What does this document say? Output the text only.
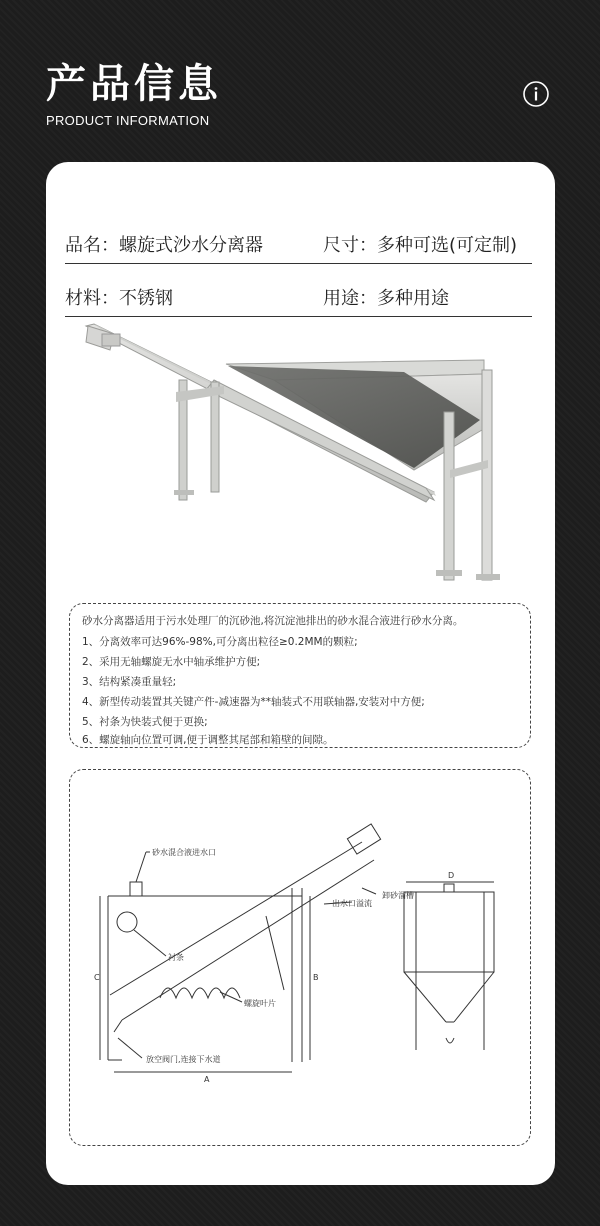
产品信息
PRODUCT INFORMATION
品名：螺旋式沙水分离器	尺寸：多种可选(可定制)
材料：不锈钢	用途：多种用途
砂水分离器适用于污水处理厂的沉砂池,将沉淀池排出的砂水混合液进行砂水分离。
1、分离效率可达96%-98%,可分离出粒径≥0.2MM的颗粒;
2、采用无轴螺旋无水中轴承维护方便;
3、结构紧凑重量轻;
4、新型传动装置其关键产件-减速器为**轴装式不用联轴器,安装对中方便;
5、衬条为快装式便于更换;
6、螺旋轴向位置可调,便于调整其尾部和箱壁的间隙。
砂水混合液进水口
卸砂溜槽
衬条
出水口溢流
螺旋叶片
放空阀门,连接下水道
A
C	B
D
